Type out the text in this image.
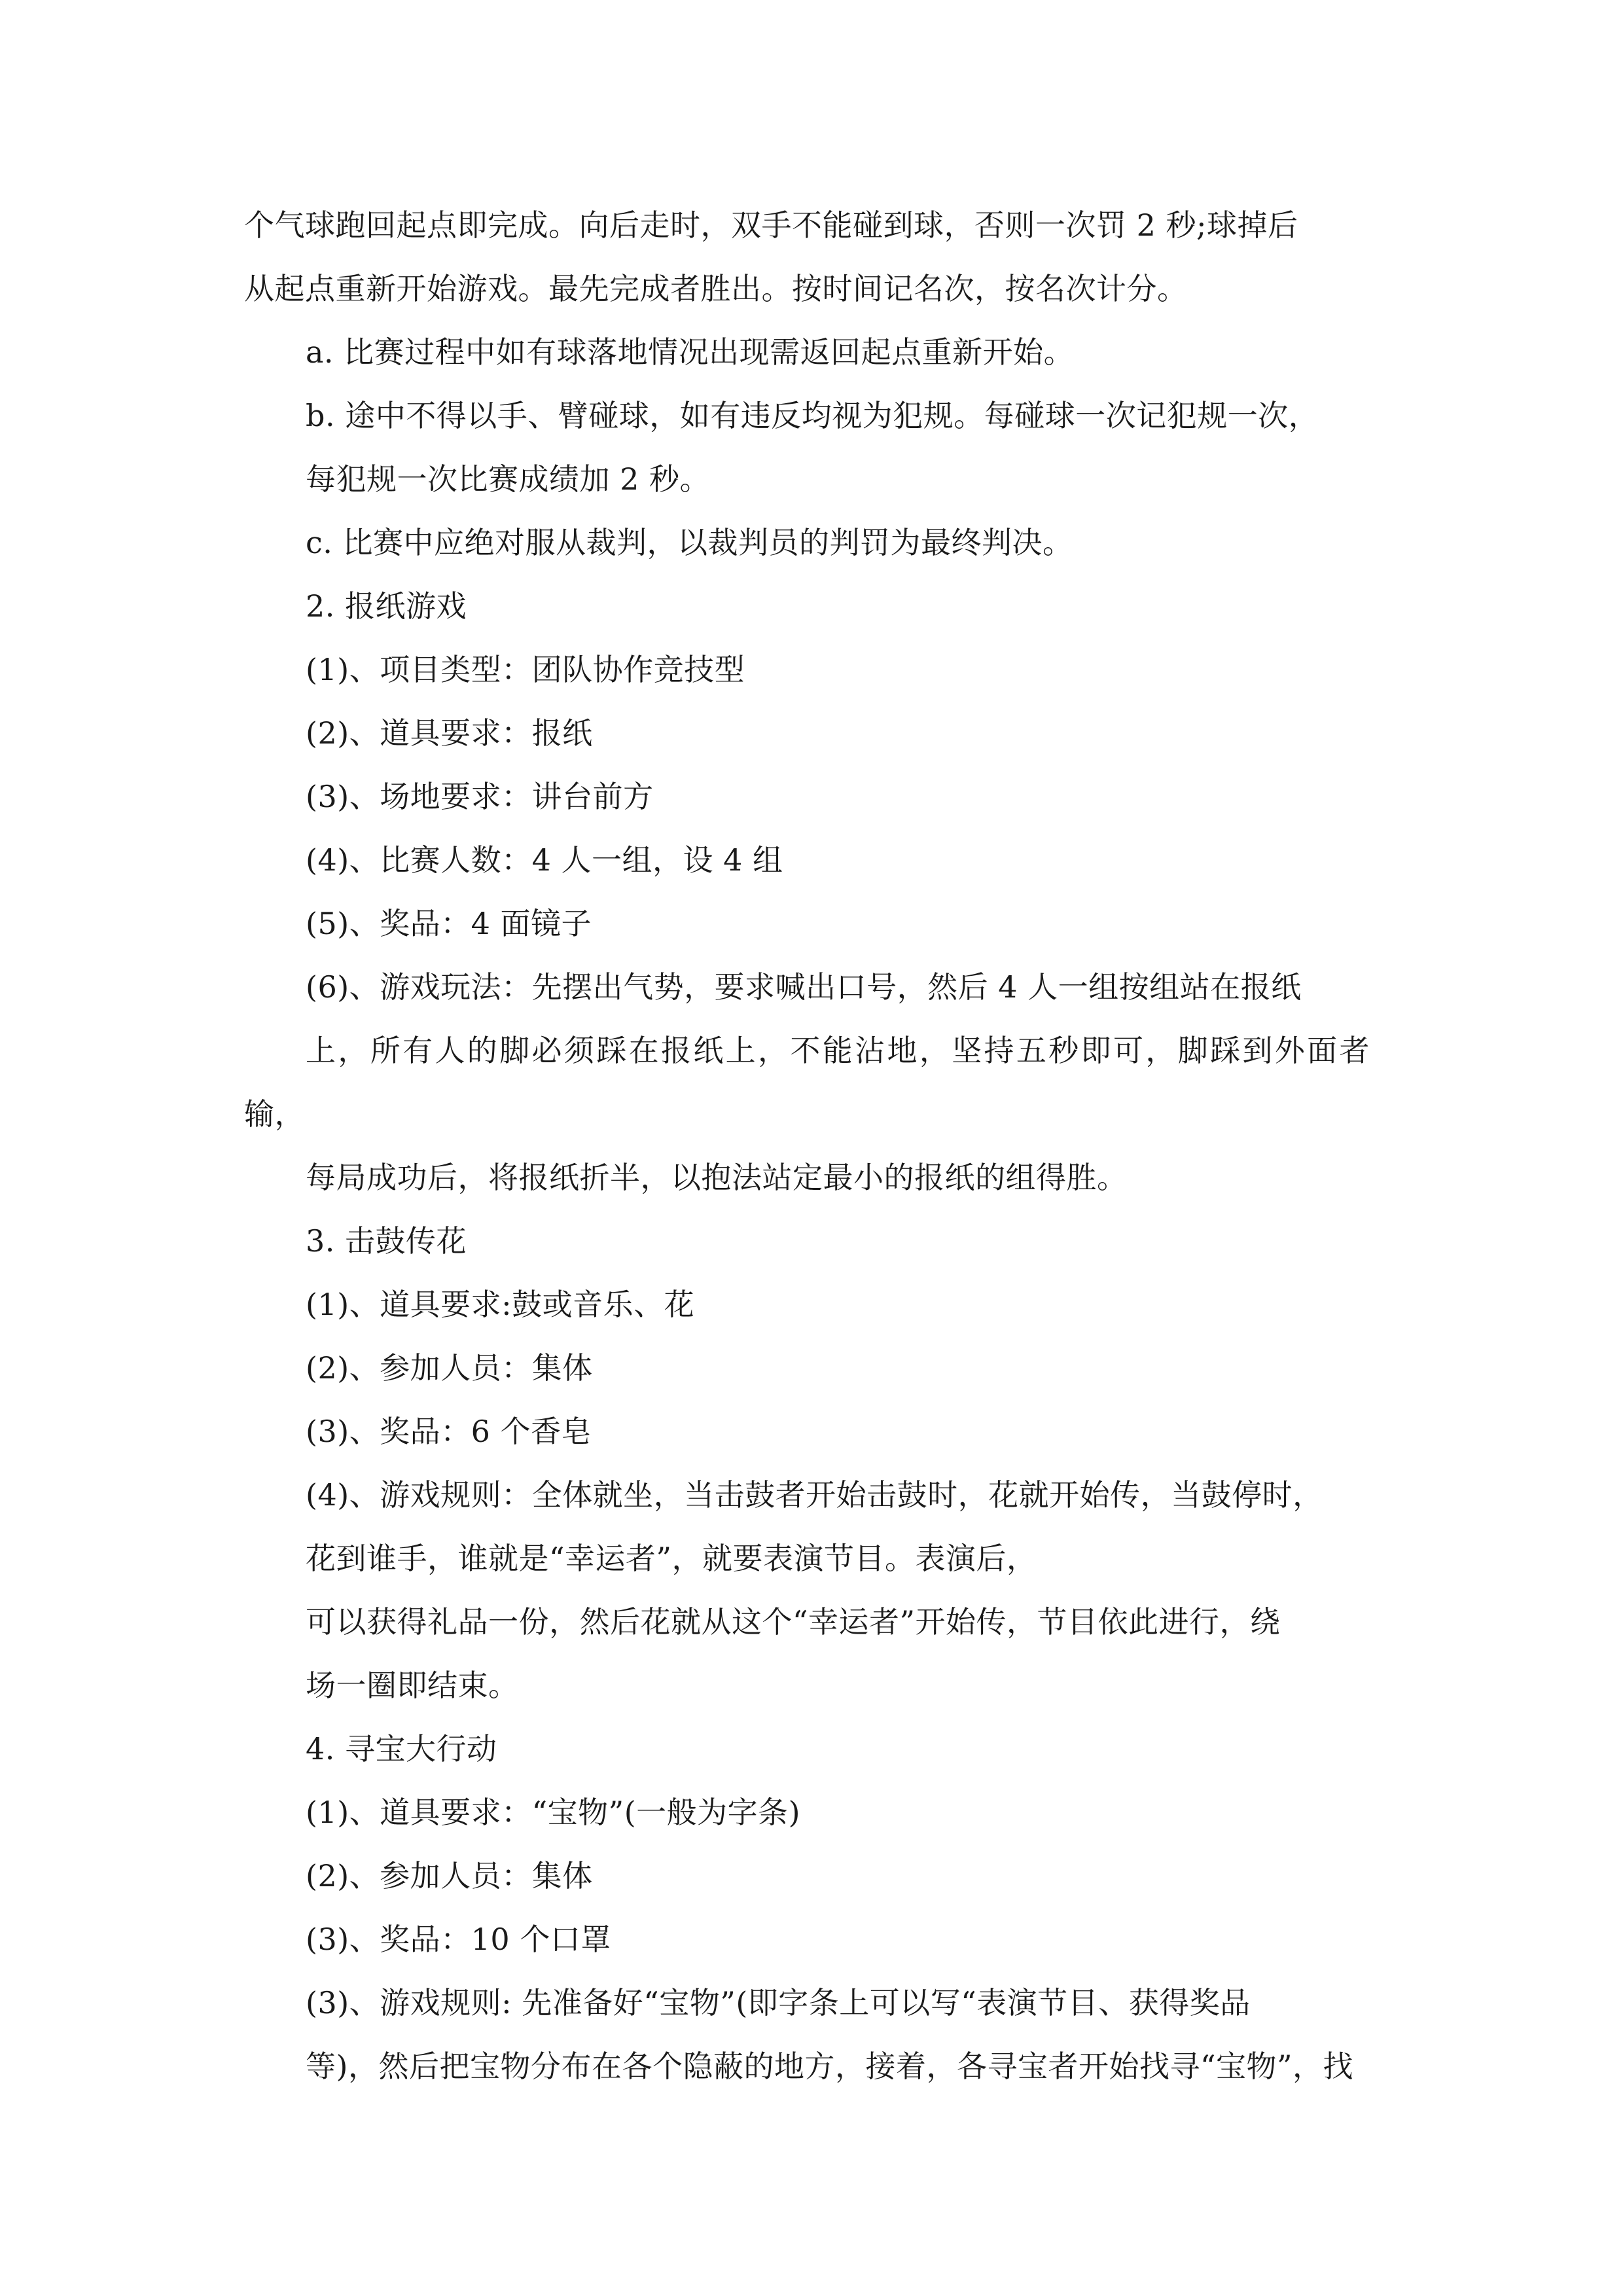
个气球跑回起点即完成。向后走时，双手不能碰到球，否则一次罚 2 秒;球掉后
从起点重新开始游戏。最先完成者胜出。按时间记名次，按名次计分。

a. 比赛过程中如有球落地情况出现需返回起点重新开始。

b. 途中不得以手、臂碰球，如有违反均视为犯规。每碰球一次记犯规一次，
每犯规一次比赛成绩加 2 秒。

c. 比赛中应绝对服从裁判，以裁判员的判罚为最终判决。

2. 报纸游戏

(1)、项目类型：团队协作竞技型

(2)、道具要求：报纸

(3)、场地要求：讲台前方

(4)、比赛人数：4 人一组，设 4 组

(5)、奖品：4 面镜子

(6)、游戏玩法：先摆出气势，要求喊出口号，然后 4 人一组按组站在报纸
上，所有人的脚必须踩在报纸上，不能沾地，坚持五秒即可，脚踩到外面者输，
每局成功后，将报纸折半，以抱法站定最小的报纸的组得胜。

3. 击鼓传花

(1)、道具要求:鼓或音乐、花

(2)、参加人员：集体

(3)、奖品：6 个香皂

(4)、游戏规则：全体就坐，当击鼓者开始击鼓时，花就开始传，当鼓停时，
花到谁手，谁就是“幸运者”，就要表演节目。表演后，

可以获得礼品一份，然后花就从这个“幸运者”开始传，节目依此进行，绕
场一圈即结束。

4. 寻宝大行动

(1)、道具要求：“宝物”(一般为字条)

(2)、参加人员：集体

(3)、奖品：10 个口罩

(3)、游戏规则: 先准备好“宝物”(即字条上可以写“表演节目、获得奖品
等)，然后把宝物分布在各个隐蔽的地方，接着，各寻宝者开始找寻“宝物”，找
